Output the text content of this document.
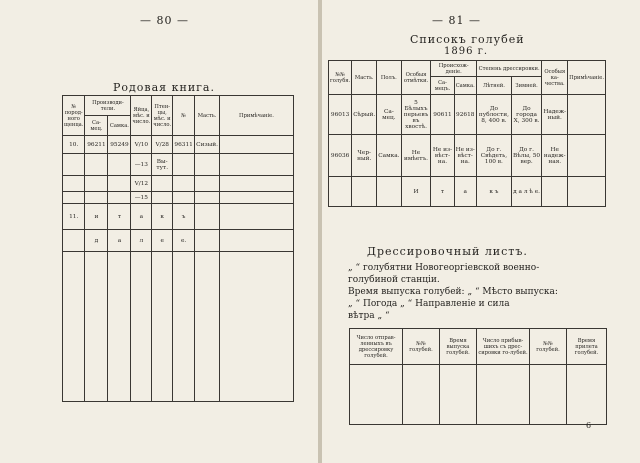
— 80 —
Родовая книга.
№ пород-ного щенца.	Производи-тели.		Яйца, мѣс. и число.	Птен-цы, мѣс. и число.	№	Масть.	Примѣчаніе.
	Са-мец.	Самка.					
10.	96211	95249	V/10	V/28	96311	Сизый.	
			—13	Вы-тут.			
			V/12				
			—15				
11.	и	т	а	к	ъ		
	д	а	л	е	е.		

— 81 —
Списокъ голубей
1896 г.
№№ голубя.	Масть.	Полъ.	Особыя отмѣтки.	Происхож-деніе.		Степень дрессировки.		Особыя ка-чества.	Примѣчаніе.
				Са-мецъ.	Самка.	Лѣтней.	Зимней.		
96013	Сѣрый.	Са-мец.	5 Бѣлыхъ перьевъ въ хвостѣ.	90611	92618	До публости, 8, 400 в.	До города X, 300 в.	Надеж-ный.	
96036	Чер-ный.	Самка.	Не имѣетъ.	Не из-вѣст-на.	Не из-вѣст-на.	До г. Свѣдеть, 100 в.	До г. Вѣлы, 50 вер.	Не надеж-ная.	
			И	т	а	к ъ	д а л ѣ е.		
Дрессировочный листъ.
„ “ голубятни Новогеоргіевской военно-
голубиной станціи.
Время выпуска голубей: „ “ Мѣсто выпуска:
„ “ Погода „ “ Направленіе и сила
вѣтра „ “
Число отправ-ленныхъ въ дрессировку голубей.	№№ голубей.	Время выпуска голубей.	Число прибыв-шихъ съ дрес-сировки го-лубей.	№№ голубей.	Время прилета голубей.

6
